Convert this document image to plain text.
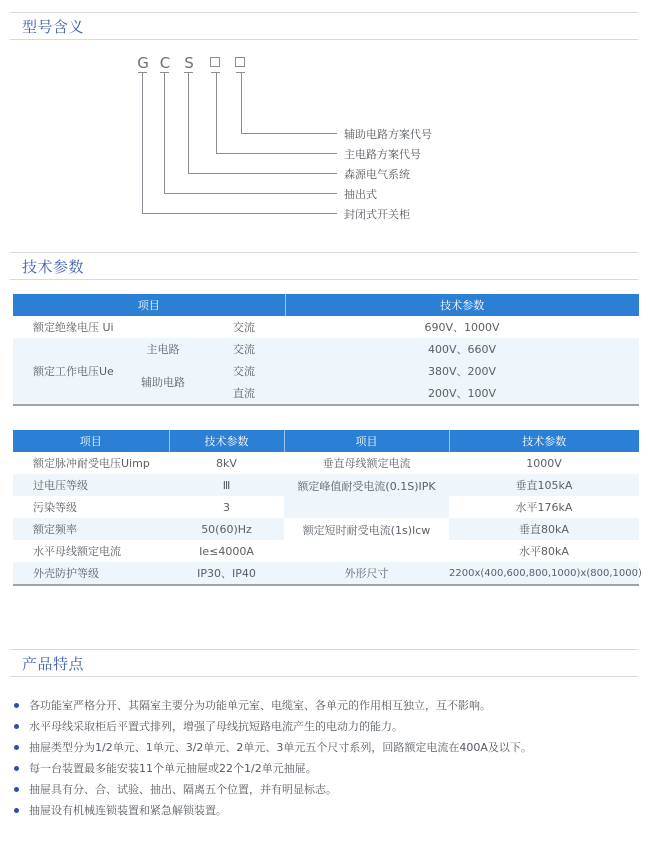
型号含义
G C S
辅助电路方案代号
主电路方案代号
森源电气系统
抽出式
封闭式开关柜
技术参数
项目			技术参数
额定绝缘电压 Ui		交流	690V、1000V
额定工作电压Ue	主电路	交流	400V、660V
	辅助电路	交流	380V、200V
		直流	200V、100V
项目	技术参数	项目	技术参数
额定脉冲耐受电压Uimp	8kV	垂直母线额定电流	1000V
过电压等级	Ⅲ	额定峰值耐受电流(0.1S)IPK	垂直105kA
污染等级	3		水平176kA
额定频率	50(60)Hz	额定短时耐受电流(1s)Icw	垂直80kA
水平母线额定电流	Ie≤4000A		水平80kA
外壳防护等级	IP30、IP40	外形尺寸	2200x(400,600,800,1000)x(800,1000)
产品特点
各功能室严格分开、其隔室主要分为功能单元室、电缆室、各单元的作用相互独立，互不影响。
水平母线采取柜后平置式排列，增强了母线抗短路电流产生的电动力的能力。
抽屉类型分为1/2单元、1单元、3/2单元、2单元、3单元五个尺寸系列，回路额定电流在400A及以下。
每一台装置最多能安装11个单元抽屉或22个1/2单元抽屉。
抽屉具有分、合、试验、抽出、隔离五个位置，并有明显标志。
抽屉设有机械连锁装置和紧急解锁装置。
